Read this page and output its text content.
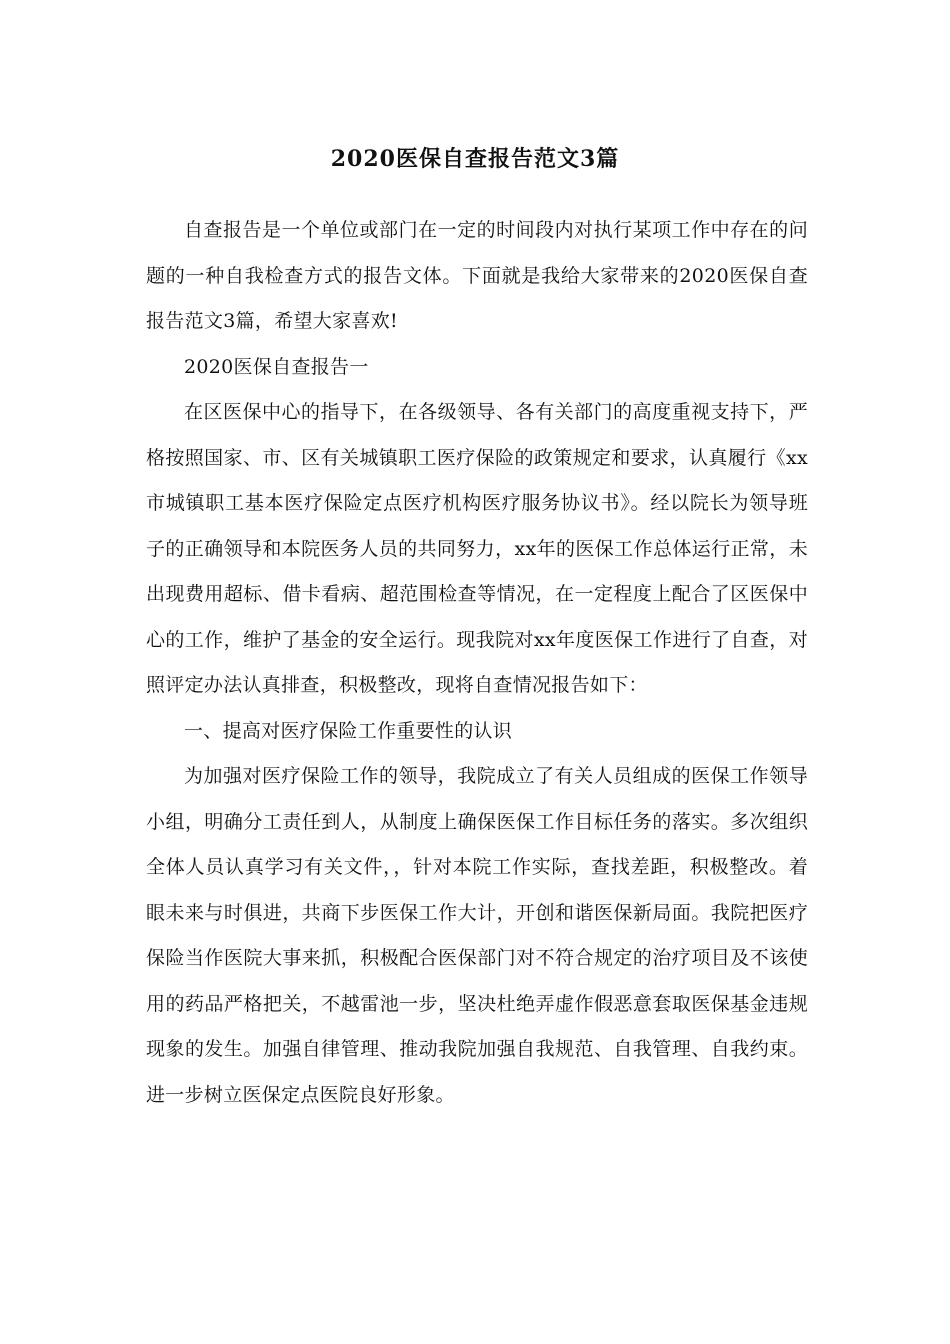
2020医保自查报告范文3篇

自查报告是一个单位或部门在一定的时间段内对执行某项工作中存在的问题的一种自我检查方式的报告文体。下面就是我给大家带来的2020医保自查报告范文3篇，希望大家喜欢!

2020医保自查报告一

在区医保中心的指导下，在各级领导、各有关部门的高度重视支持下，严格按照国家、市、区有关城镇职工医疗保险的政策规定和要求，认真履行《xx市城镇职工基本医疗保险定点医疗机构医疗服务协议书》。经以院长为领导班子的正确领导和本院医务人员的共同努力，xx年的医保工作总体运行正常，未出现费用超标、借卡看病、超范围检查等情况，在一定程度上配合了区医保中心的工作，维护了基金的安全运行。现我院对xx年度医保工作进行了自查，对照评定办法认真排查，积极整改，现将自查情况报告如下：

一、提高对医疗保险工作重要性的认识

为加强对医疗保险工作的领导，我院成立了有关人员组成的医保工作领导小组，明确分工责任到人，从制度上确保医保工作目标任务的落实。多次组织全体人员认真学习有关文件，，针对本院工作实际，查找差距，积极整改。着眼未来与时俱进，共商下步医保工作大计，开创和谐医保新局面。我院把医疗保险当作医院大事来抓，积极配合医保部门对不符合规定的治疗项目及不该使用的药品严格把关，不越雷池一步，坚决杜绝弄虚作假恶意套取医保基金违规现象的发生。加强自律管理、推动我院加强自我规范、自我管理、自我约束。进一步树立医保定点医院良好形象。
